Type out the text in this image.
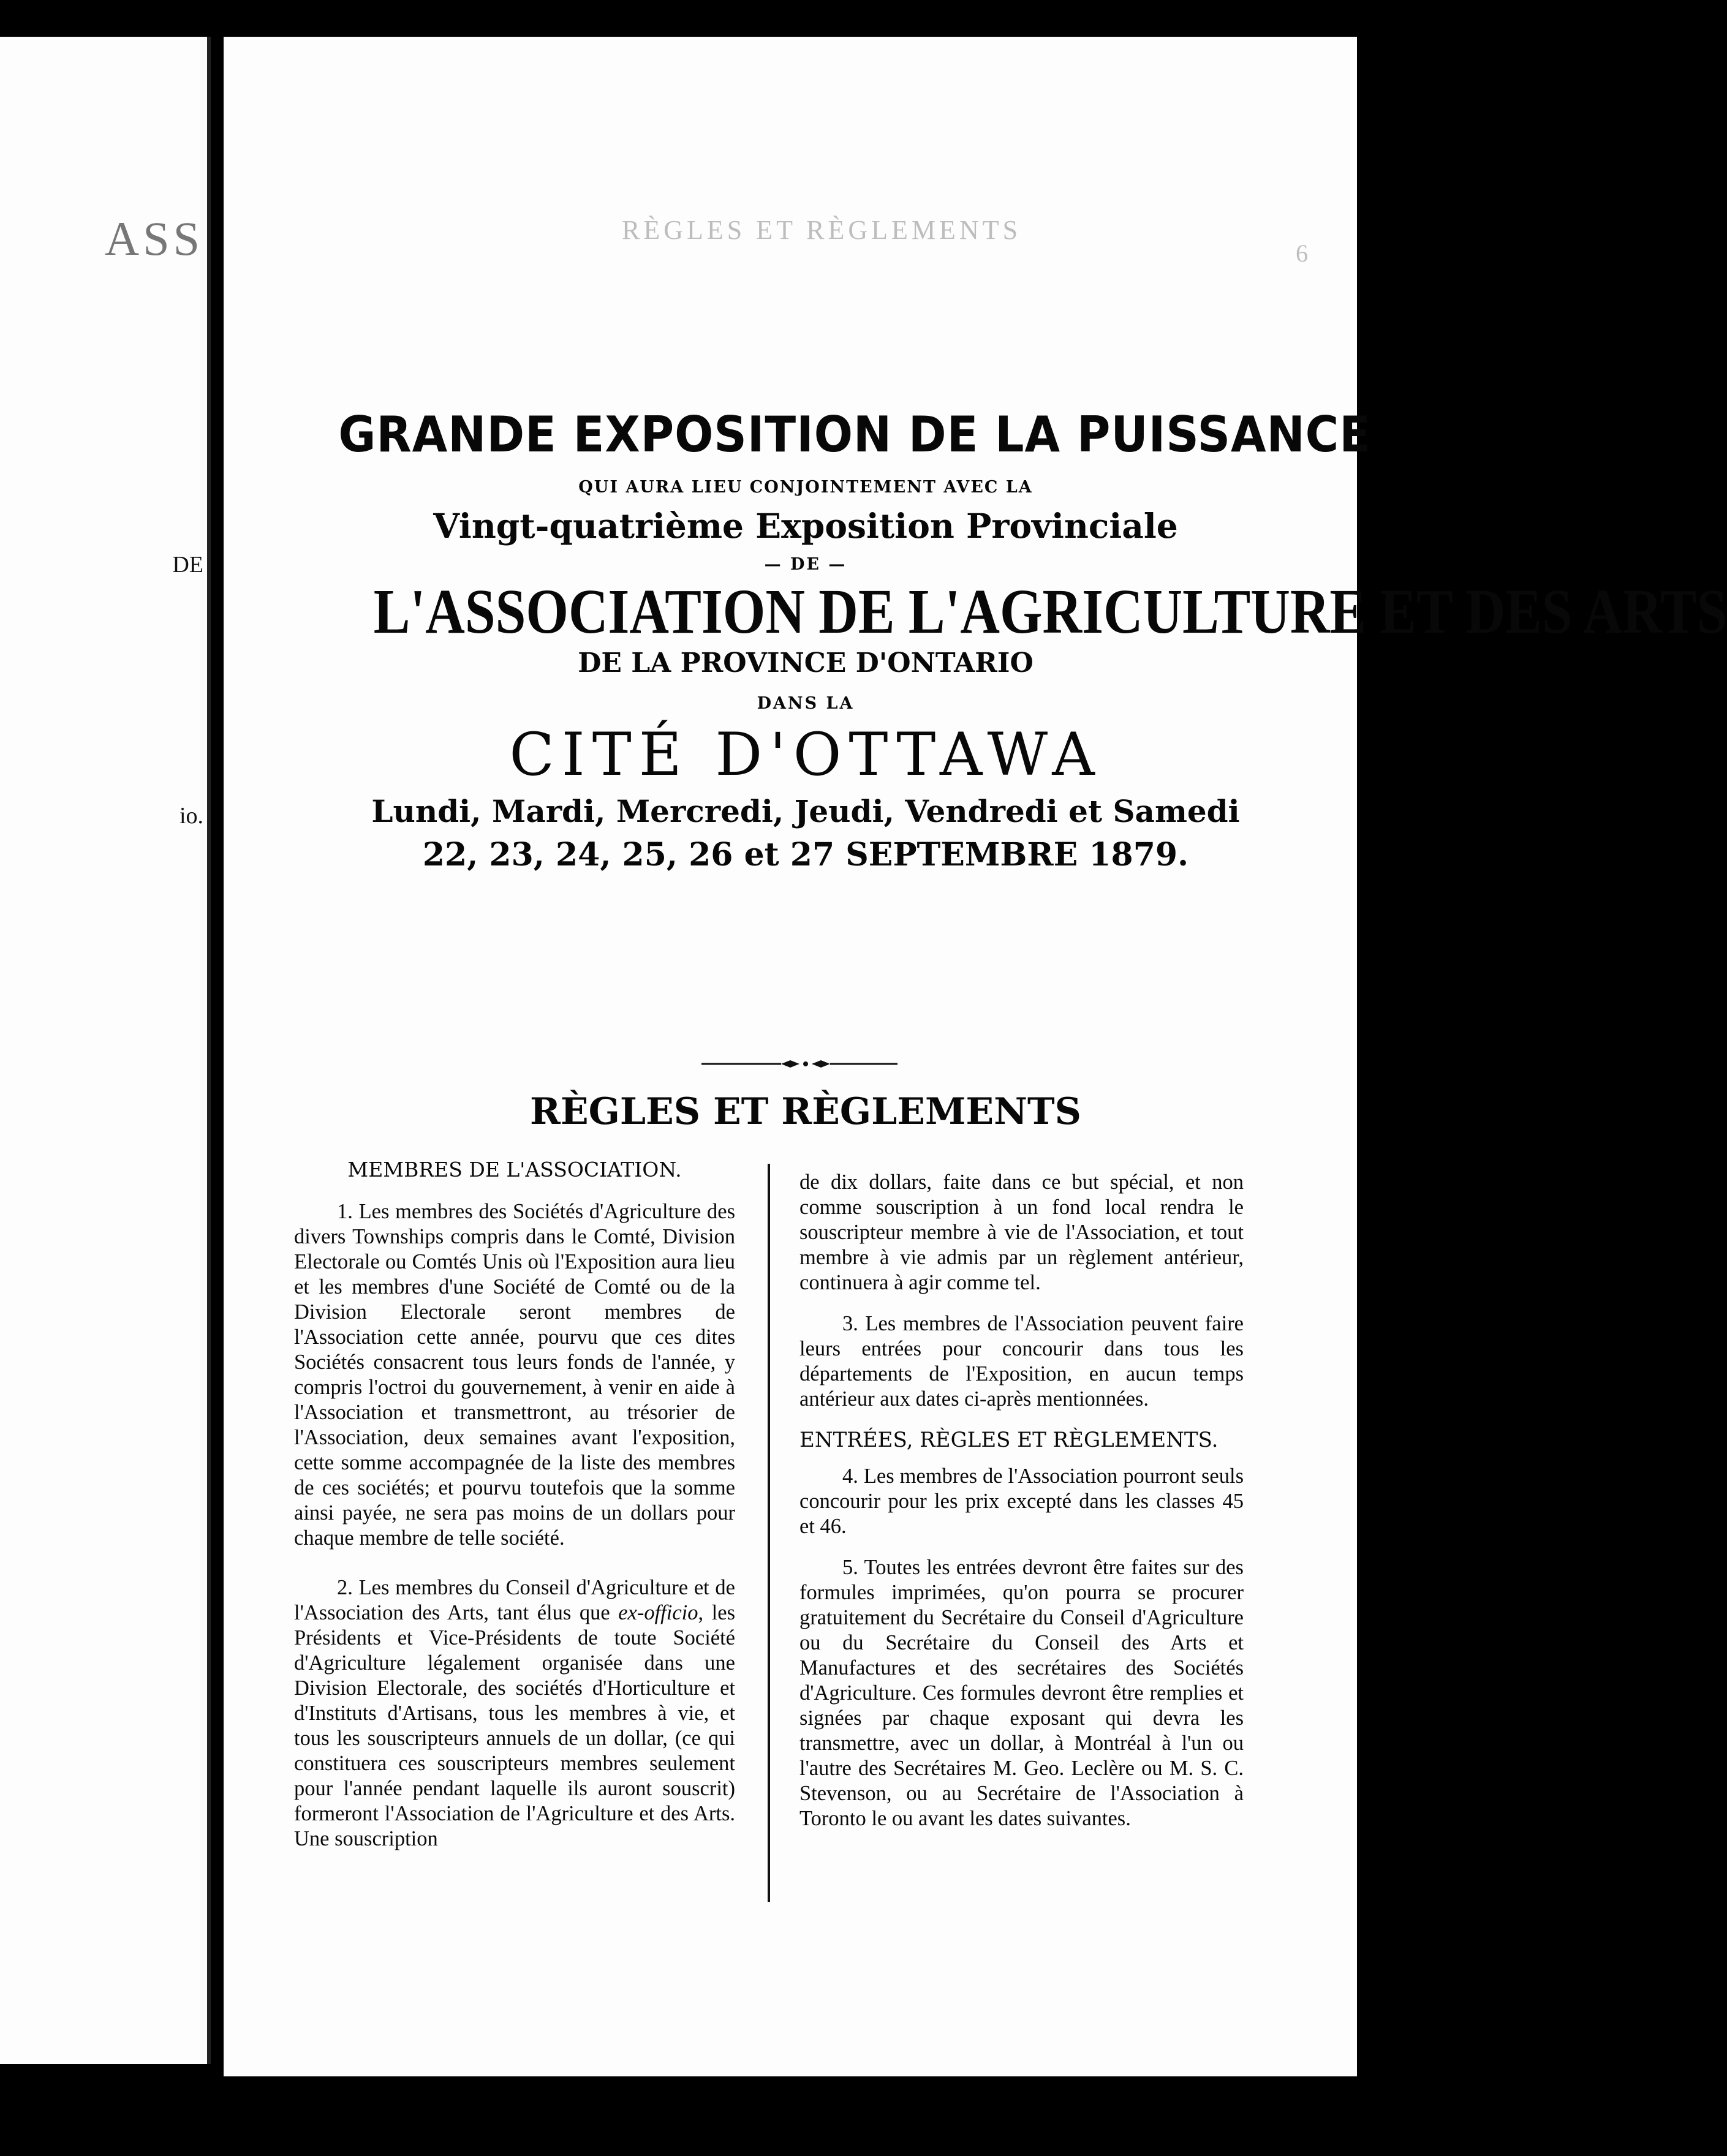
ASS
DE
io.
RÈGLES ET RÈGLEMENTS
6
GRANDE EXPOSITION DE LA PUISSANCE
QUI AURA LIEU CONJOINTEMENT AVEC LA
Vingt-quatrième Exposition Provinciale
— DE —
L'ASSOCIATION DE L'AGRICULTURE ET DES ARTS
DE LA PROVINCE D'ONTARIO
DANS LA
CITÉ D'OTTAWA
Lundi, Mardi, Mercredi, Jeudi, Vendredi et Samedi
22, 23, 24, 25, 26 et 27 SEPTEMBRE 1879.
RÈGLES ET RÈGLEMENTS
MEMBRES DE L'ASSOCIATION.

1. Les membres des Sociétés d'Agriculture des divers Townships compris dans le Comté, Division Electorale ou Comtés Unis où l'Exposition aura lieu et les membres d'une Société de Comté ou de la Division Electorale seront membres de l'Association cette année, pourvu que ces dites Sociétés consacrent tous leurs fonds de l'année, y compris l'octroi du gouvernement, à venir en aide à l'Association et transmettront, au trésorier de l'Association, deux semaines avant l'exposition, cette somme accompagnée de la liste des membres de ces sociétés; et pourvu toutefois que la somme ainsi payée, ne sera pas moins de un dollars pour chaque membre de telle société.

2. Les membres du Conseil d'Agriculture et de l'Association des Arts, tant élus que ex-officio, les Présidents et Vice-Présidents de toute Société d'Agriculture légalement organisée dans une Division Electorale, des sociétés d'Horticulture et d'Instituts d'Artisans, tous les membres à vie, et tous les souscripteurs annuels de un dollar, (ce qui constituera ces souscripteurs membres seulement pour l'année pendant laquelle ils auront souscrit) formeront l'Association de l'Agriculture et des Arts. Une souscription

de dix dollars, faite dans ce but spécial, et non comme souscription à un fond local rendra le souscripteur membre à vie de l'Association, et tout membre à vie admis par un règlement antérieur, continuera à agir comme tel.

3. Les membres de l'Association peuvent faire leurs entrées pour concourir dans tous les départements de l'Exposition, en aucun temps antérieur aux dates ci-après mentionnées.

ENTRÉES, RÈGLES ET RÈGLEMENTS.

4. Les membres de l'Association pourront seuls concourir pour les prix excepté dans les classes 45 et 46.

5. Toutes les entrées devront être faites sur des formules imprimées, qu'on pourra se procurer gratuitement du Secrétaire du Conseil d'Agriculture ou du Secrétaire du Conseil des Arts et Manufactures et des secrétaires des Sociétés d'Agriculture. Ces formules devront être remplies et signées par chaque exposant qui devra les transmettre, avec un dollar, à Montréal à l'un ou l'autre des Secrétaires M. Geo. Leclère ou M. S. C. Stevenson, ou au Secrétaire de l'Association à Toronto le ou avant les dates suivantes.
